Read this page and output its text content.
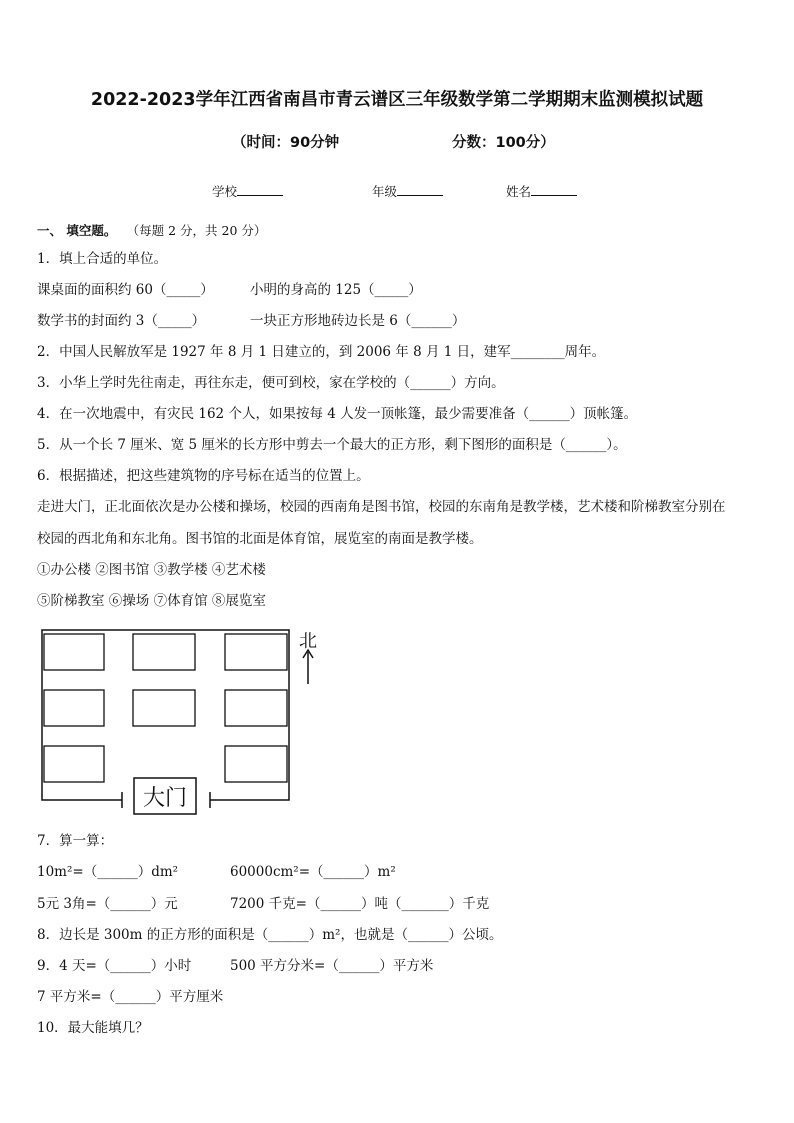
2022-2023学年江西省南昌市青云谱区三年级数学第二学期期末监测模拟试题
（时间：90分钟	分数：100分）
学校	年级	姓名
一、 填空题。 （每题 2 分，共 20 分）
1．填上合适的单位。
课桌面的面积约 60（_____）	小明的身高的 125（_____）
数学书的封面约 3（_____）	一块正方形地砖边长是 6（______）
2．中国人民解放军是 1927 年 8 月 1 日建立的，到 2006 年 8 月 1 日，建军________周年。
3．小华上学时先往南走，再往东走，便可到校，家在学校的（______）方向。
4．在一次地震中，有灾民 162 个人，如果按每 4 人发一顶帐篷，最少需要准备（______）顶帐篷。
5．从一个长 7 厘米、宽 5 厘米的长方形中剪去一个最大的正方形，剩下图形的面积是（______）。
6．根据描述，把这些建筑物的序号标在适当的位置上。
走进大门，正北面依次是办公楼和操场，校园的西南角是图书馆，校园的东南角是教学楼，艺术楼和阶梯教室分别在
校园的西北角和东北角。图书馆的北面是体育馆，展览室的南面是教学楼。
①办公楼 ②图书馆 ③教学楼 ④艺术楼
⑤阶梯教室 ⑥操场 ⑦体育馆 ⑧展览室
大门
北
7．算一算：
10m²=（______）dm²	60000cm²=（______）m²
5元 3角=（______）元	7200 千克=（______）吨（_______）千克
8．边长是 300m 的正方形的面积是（______）m²，也就是（______）公顷。
9．4 天=（______）小时	500 平方分米=（______）平方米
7 平方米=（______）平方厘米
10．最大能填几？
